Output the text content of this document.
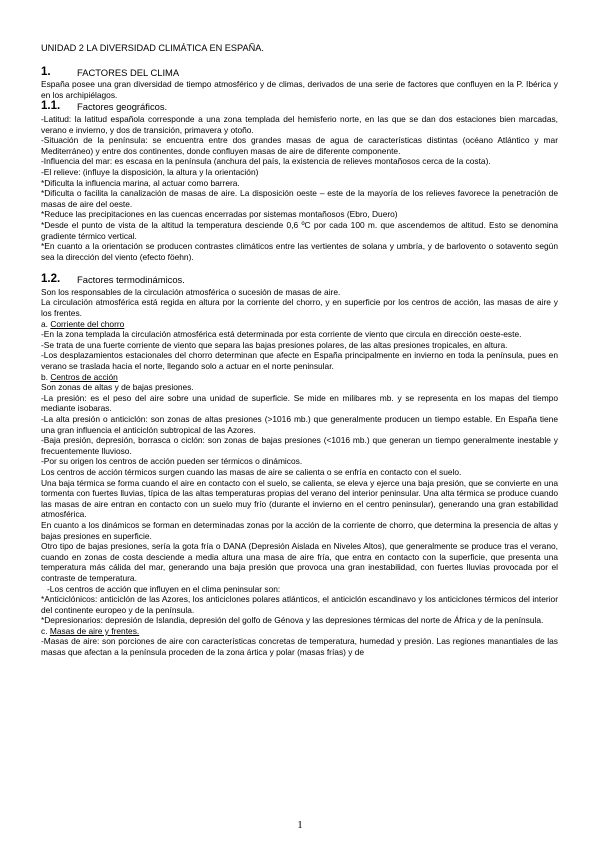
UNIDAD 2 LA DIVERSIDAD CLIMÁTICA EN ESPAÑA.
1.	FACTORES DEL CLIMA

España posee una gran diversidad de tiempo atmosférico y de climas, derivados de una serie de factores que confluyen en la P. Ibérica y en los archipiélagos.

1.1.	Factores geográficos.

-Latitud: la latitud española corresponde a una zona templada del hemisferio norte, en las que se dan dos estaciones bien marcadas, verano e invierno, y dos de transición, primavera y otoño.

-Situación de la península: se encuentra entre dos grandes masas de agua de características distintas (océano Atlántico y mar Mediterráneo) y entre dos continentes, donde confluyen masas de aire de diferente componente.

-Influencia del mar: es escasa en la península (anchura del país, la existencia de relieves montañosos cerca de la costa).

-El relieve: (influye la disposición, la altura y la orientación)

*Dificulta la influencia marina, al actuar como barrera.

*Dificulta o facilita la canalización de masas de aire. La disposición oeste – este de la mayoría de los relieves favorece la penetración de masas de aire del oeste.

*Reduce las precipitaciones en las cuencas encerradas por sistemas montañosos (Ebro, Duero)

*Desde el punto de vista de la altitud la temperatura desciende 0,6 ºC por cada 100 m. que ascendemos de altitud. Esto se denomina gradiente térmico vertical.

*En cuanto a la orientación se producen contrastes climáticos entre las vertientes de solana y umbría, y de barlovento o sotavento según sea la dirección del viento (efecto föehn).

1.2.	Factores termodinámicos.

Son los responsables de la circulación atmosférica o sucesión de masas de aire.

La circulación atmosférica está regida en altura por la corriente del chorro, y en superficie por los centros de acción, las masas de aire y los frentes.

a. Corriente del chorro

-En la zona templada la circulación atmosférica está determinada por esta corriente de viento que circula en dirección oeste-este.

-Se trata de una fuerte corriente de viento que separa las bajas presiones polares, de las altas presiones tropicales, en altura.

-Los desplazamientos estacionales del chorro determinan que afecte en España principalmente en invierno en toda la península, pues en verano se traslada hacia el norte, llegando solo a actuar en el norte peninsular.

b. Centros de acción

Son zonas de altas y de bajas presiones.

-La presión: es el peso del aire sobre una unidad de superficie. Se mide en milibares mb. y se representa en los mapas del tiempo mediante isobaras.

-La alta presión o anticiclón: son zonas de altas presiones (>1016 mb.) que generalmente producen un tiempo estable. En España tiene una gran influencia el anticiclón subtropical de las Azores.

-Baja presión, depresión, borrasca o ciclón: son zonas de bajas presiones (<1016 mb.) que generan un tiempo generalmente inestable y frecuentemente lluvioso.

-Por su origen los centros de acción pueden ser térmicos o dinámicos.

Los centros de acción térmicos surgen cuando las masas de aire se calienta o se enfría en contacto con el suelo.

Una baja térmica se forma cuando el aire en contacto con el suelo, se calienta, se eleva y ejerce una baja presión, que se convierte en una tormenta con fuertes lluvias, típica de las altas temperaturas propias del verano del interior peninsular. Una alta térmica se produce cuando las masas de aire entran en contacto con un suelo muy frío (durante el invierno en el centro peninsular), generando una gran estabilidad atmosférica.

En cuanto a los dinámicos se forman en determinadas zonas por la acción de la corriente de chorro, que determina la presencia de altas y bajas presiones en superficie.

Otro tipo de bajas presiones, sería la gota fría o DANA (Depresión Aislada en Niveles Altos), que generalmente se produce tras el verano, cuando en zonas de costa desciende a media altura una masa de aire fría, que entra en contacto con la superficie, que presenta una temperatura más cálida del mar, generando una baja presión que provoca una gran inestabilidad, con fuertes lluvias provocada por el contraste de temperatura.

-Los centros de acción que influyen en el clima peninsular son:

*Anticiclónicos: anticiclón de las Azores, los anticiclones polares atlánticos, el anticiclón escandinavo y los anticiclones térmicos del interior del continente europeo y de la península.

*Depresionarios: depresión de Islandia, depresión del golfo de Génova y las depresiones térmicas del norte de África y de la península.

c. Masas de aire y frentes.

-Masas de aire: son porciones de aire con características concretas de temperatura, humedad y presión. Las regiones manantiales de las masas que afectan a la península proceden de la zona ártica y polar (masas frías) y de

1
